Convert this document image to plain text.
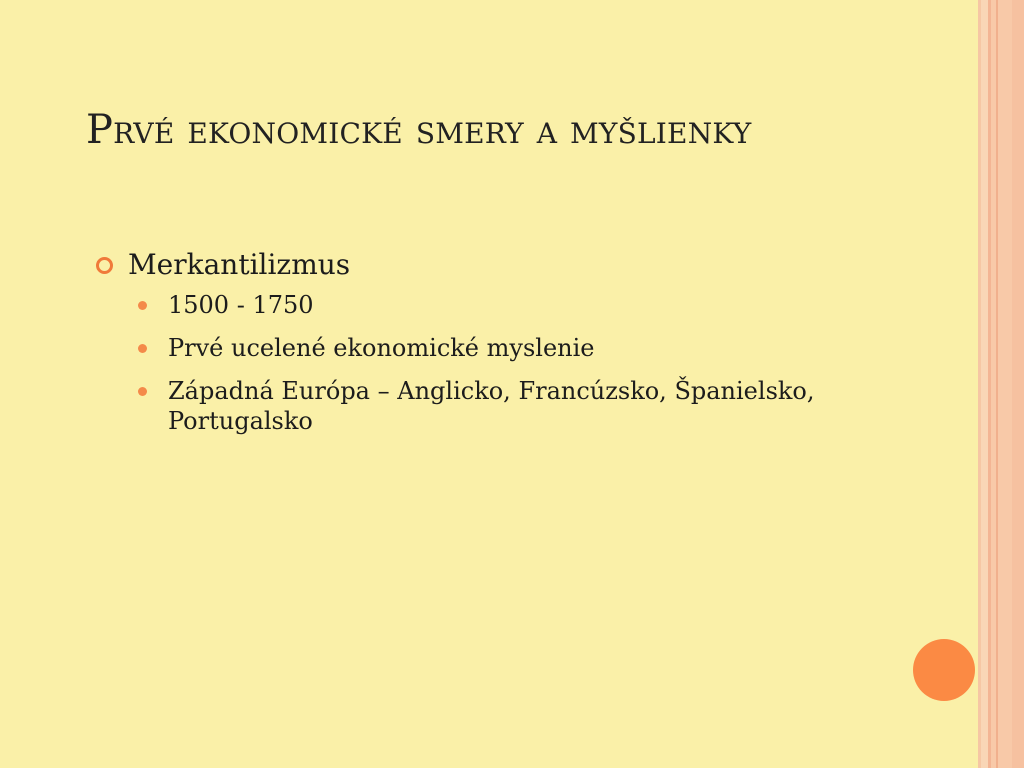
Prvé ekonomické smery a myšlienky
Merkantilizmus
1500 - 1750
Prvé ucelené ekonomické myslenie
Západná Európa – Anglicko, Francúzsko, Španielsko, Portugalsko
